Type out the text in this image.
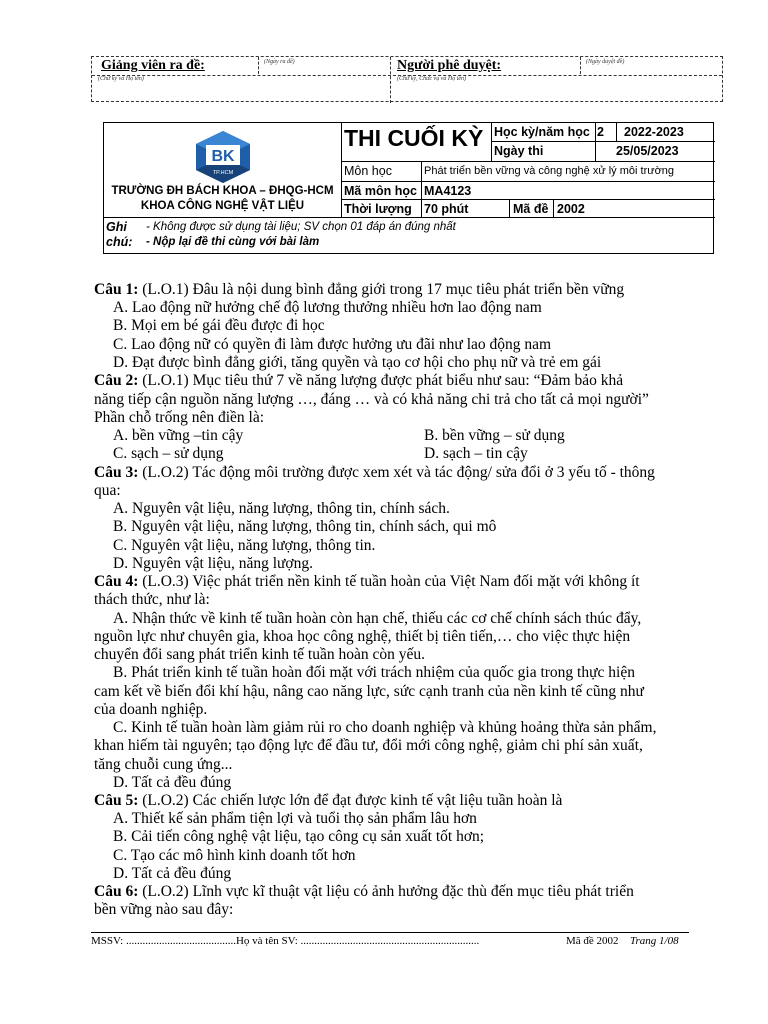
Giảng viên ra đề:	(Ngày ra đề)
(Chữ ký và Họ tên)
Người phê duyệt:	(Ngày duyệt đề)
(Chữ ký, Chức vụ và Họ tên)
BK
TP.HCM
TRƯỜNG ĐH BÁCH KHOA – ĐHQG-HCM
KHOA CÔNG NGHỆ VẬT LIỆU
THI CUỐI KỲ Học kỳ/năm học 2 2022-2023
Ngày thi	25/05/2023
Môn học	Phát triển bền vững và công nghệ xử lý môi trường
Mã môn học MA4123
Thời lượng 70 phút	Mã đề 2002
Ghi
chú:
- Không được sử dụng tài liệu; SV chọn 01 đáp án đúng nhất
- Nộp lại đề thi cùng với bài làm
Câu 1: (L.O.1) Đâu là nội dung bình đẳng giới trong 17 mục tiêu phát triển bền vững
A. Lao động nữ hưởng chế độ lương thưởng nhiều hơn lao động nam
B. Mọi em bé gái đều được đi học
C. Lao động nữ có quyền đi làm được hưởng ưu đãi như lao động nam
D. Đạt được bình đẳng giới, tăng quyền và tạo cơ hội cho phụ nữ và trẻ em gái
Câu 2: (L.O.1) Mục tiêu thứ 7 về năng lượng được phát biểu như sau: “Đảm bảo khả
năng tiếp cận nguồn năng lượng …, đáng … và có khả năng chi trả cho tất cả mọi người”
Phần chỗ trống nên điền là:
A. bền vững –tin cậy	B. bền vững – sử dụng
C. sạch – sử dụng	D. sạch – tin cậy
Câu 3: (L.O.2) Tác động môi trường được xem xét và tác động/ sửa đổi ở 3 yếu tố - thông
qua:
A. Nguyên vật liệu, năng lượng, thông tin, chính sách.
B. Nguyên vật liệu, năng lượng, thông tin, chính sách, qui mô
C. Nguyên vật liệu, năng lượng, thông tin.
D. Nguyên vật liệu, năng lượng.
Câu 4: (L.O.3) Việc phát triển nền kinh tế tuần hoàn của Việt Nam đối mặt với không ít
thách thức, như là:
A. Nhận thức về kinh tế tuần hoàn còn hạn chế, thiếu các cơ chế chính sách thúc đẩy,
nguồn lực như chuyên gia, khoa học công nghệ, thiết bị tiên tiến,… cho việc thực hiện
chuyển đổi sang phát triển kinh tế tuần hoàn còn yếu.
B. Phát triển kinh tế tuần hoàn đối mặt với trách nhiệm của quốc gia trong thực hiện
cam kết về biến đổi khí hậu, nâng cao năng lực, sức cạnh tranh của nền kinh tế cũng như
của doanh nghiệp.
C. Kinh tế tuần hoàn làm giảm rủi ro cho doanh nghiệp và khủng hoảng thừa sản phẩm,
khan hiếm tài nguyên; tạo động lực để đầu tư, đổi mới công nghệ, giảm chi phí sản xuất,
tăng chuỗi cung ứng...
D. Tất cả đều đúng
Câu 5: (L.O.2) Các chiến lược lớn để đạt được kinh tế vật liệu tuần hoàn là
A. Thiết kế sản phẩm tiện lợi và tuổi thọ sản phẩm lâu hơn
B. Cải tiến công nghệ vật liệu, tạo công cụ sản xuất tốt hơn;
C. Tạo các mô hình kinh doanh tốt hơn
D. Tất cả đều đúng
Câu 6: (L.O.2) Lĩnh vực kĩ thuật vật liệu có ảnh hưởng đặc thù đến mục tiêu phát triển
bền vững nào sau đây:
MSSV: ........................................Họ và tên SV: .................................................................	Mã đề 2002 Trang 1/08
